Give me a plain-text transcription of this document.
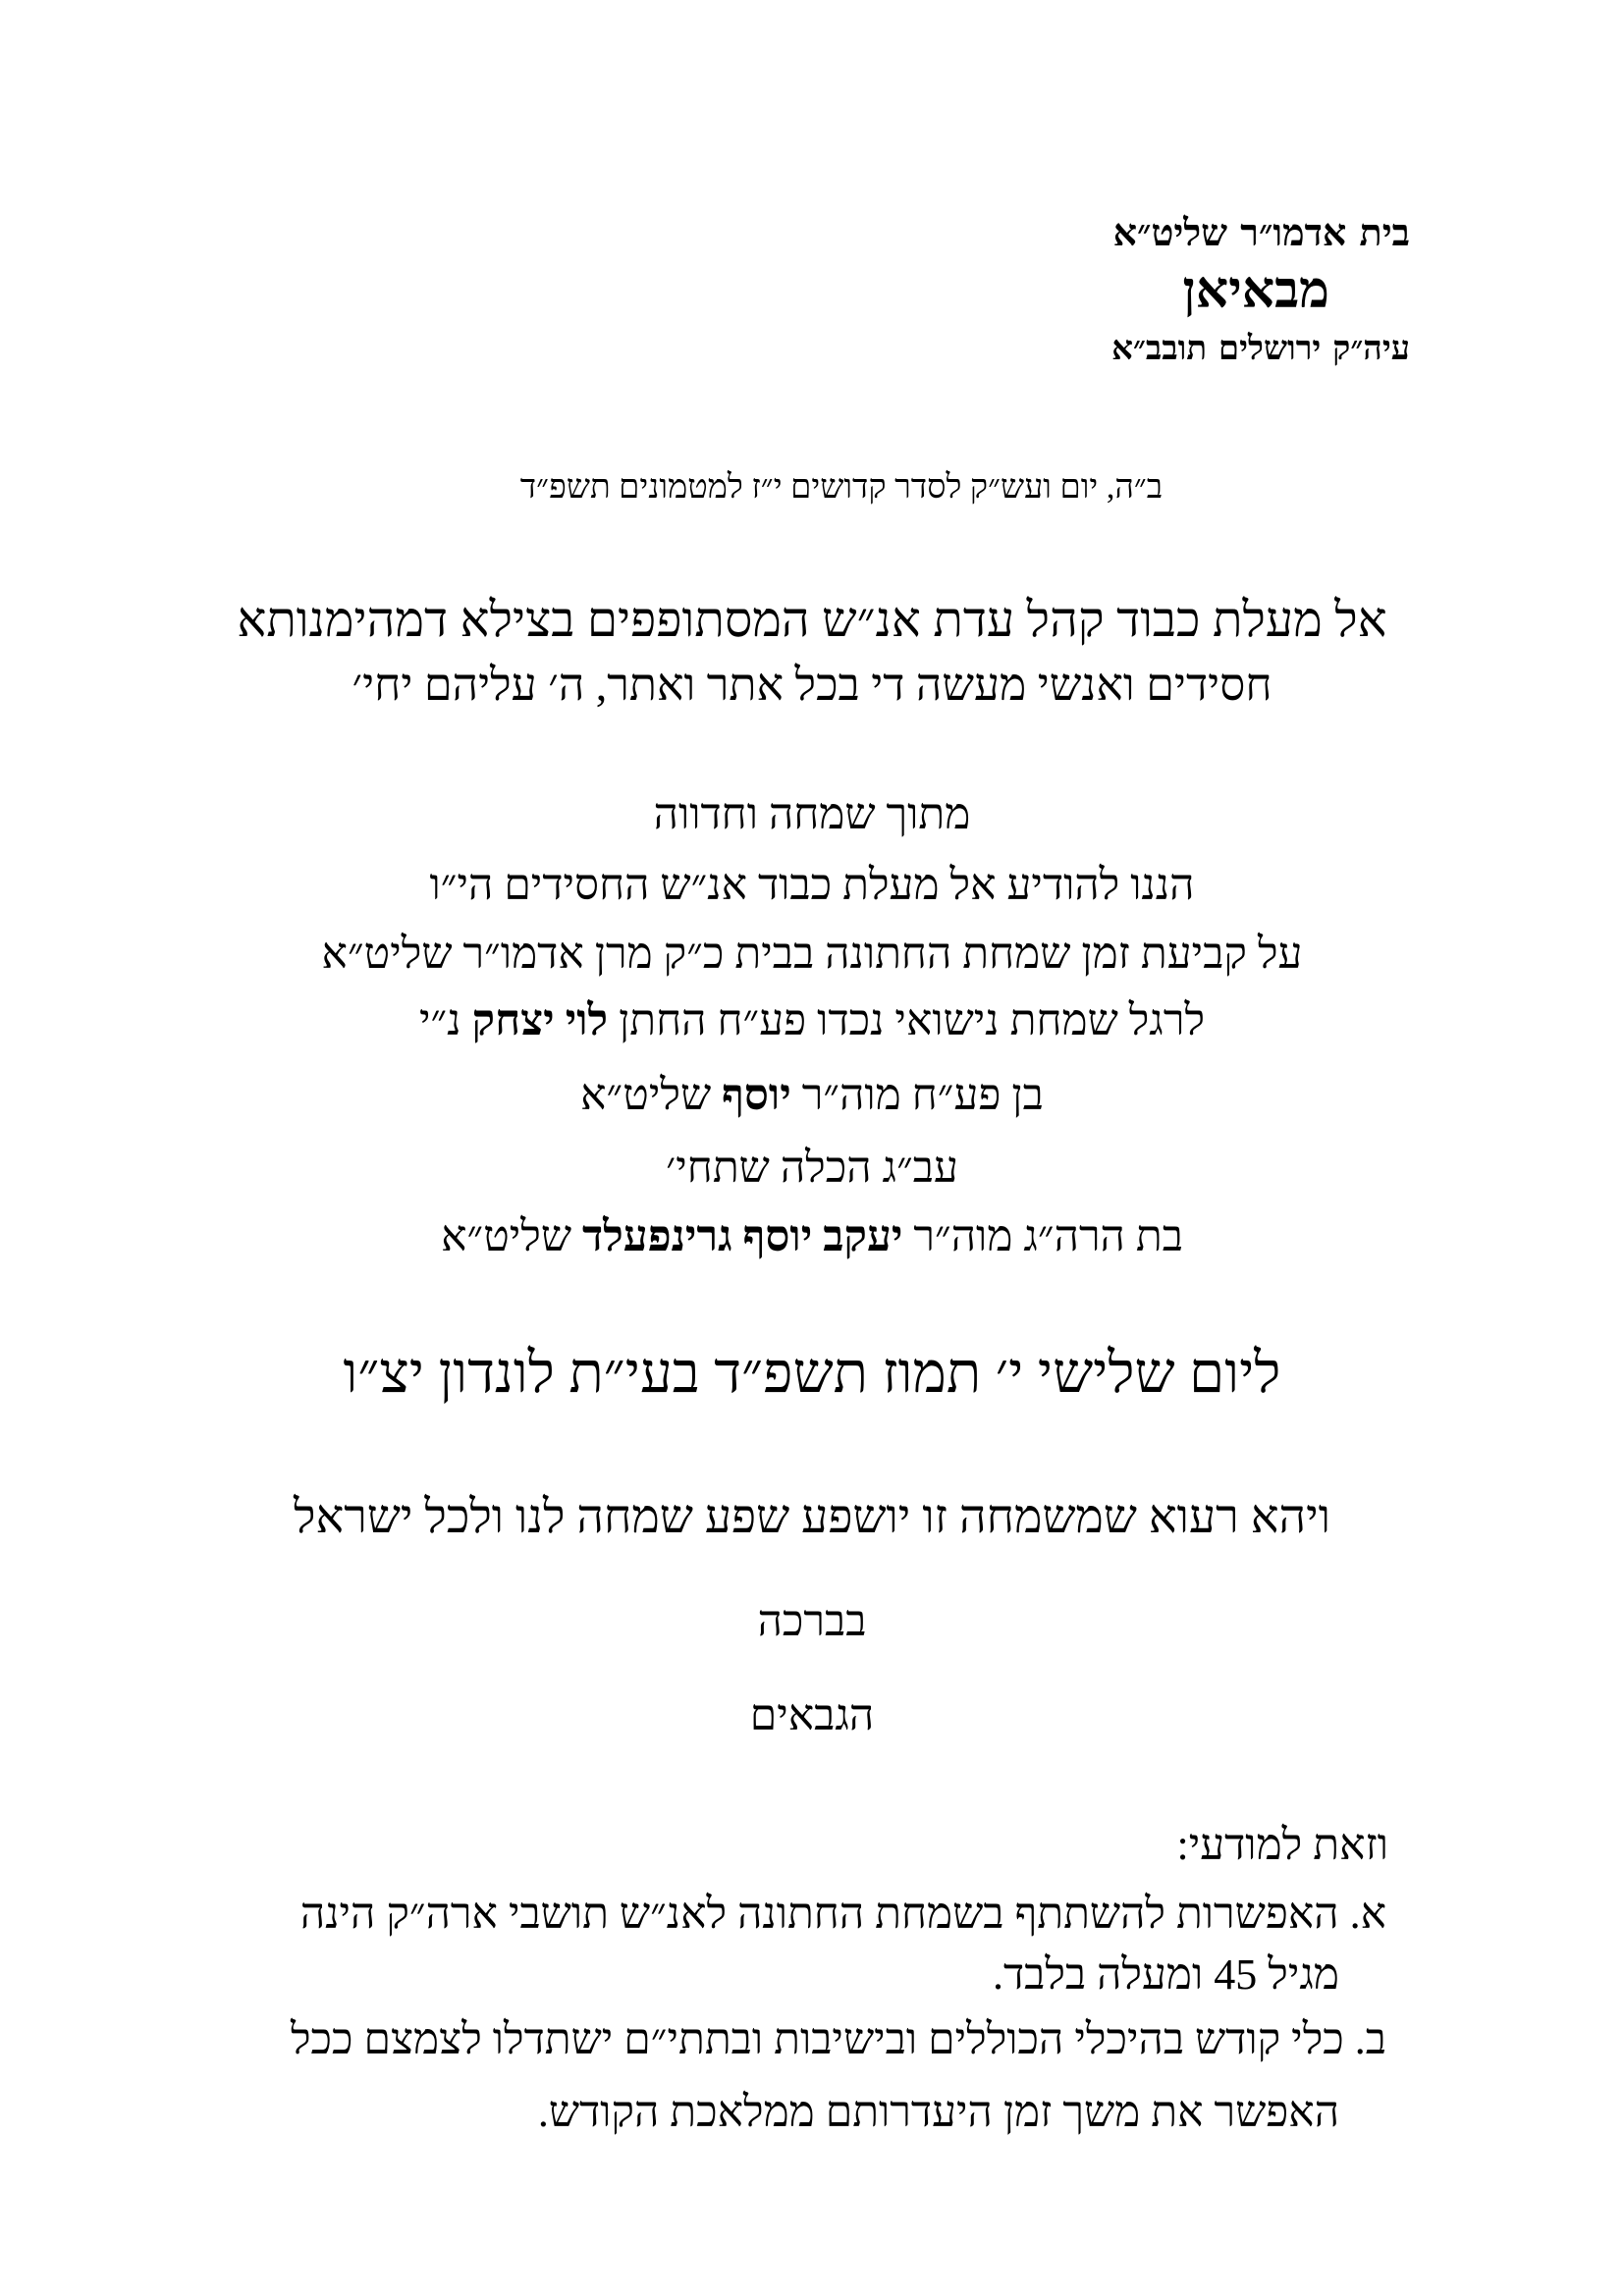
בית אדמו״ר שליט״א
מבאיאן
עיה״ק ירושלים תובב״א
ב״ה, יום ועש״ק לסדר קדושים י״ז למטמונים תשפ״ד
אל מעלת כבוד קהל עדת אנ״ש המסתופפים בצילא דמהימנותא
חסידים ואנשי מעשה די בכל אתר ואתר, ה׳ עליהם יחי׳
מתוך שמחה וחדווה
הננו להודיע אל מעלת כבוד אנ״ש החסידים הי״ו
על קביעת זמן שמחת החתונה בבית כ״ק מרן אדמו״ר שליט״א
לרגל שמחת נישואי נכדו פע״ח החתן לוי יצחק נ״י
בן פע״ח מוה״ר יוסף שליט״א
עב״ג הכלה שתחי׳
בת הרה״ג מוה״ר יעקב יוסף גרינפעלד שליט״א
ליום שלישי י׳ תמוז תשפ״ד בעי״ת לונדון יצ״ו
ויהא רעוא שמשמחה זו יושפע שפע שמחה לנו ולכל ישראל
בברכה
הגבאים
וזאת למודעי:
א. האפשרות להשתתף בשמחת החתונה לאנ״ש תושבי ארה״ק הינה
מגיל 45 ומעלה בלבד.
ב. כלי קודש בהיכלי הכוללים ובישיבות ובתתי״ם ישתדלו לצמצם ככל
האפשר את משך זמן היעדרותם ממלאכת הקודש.
